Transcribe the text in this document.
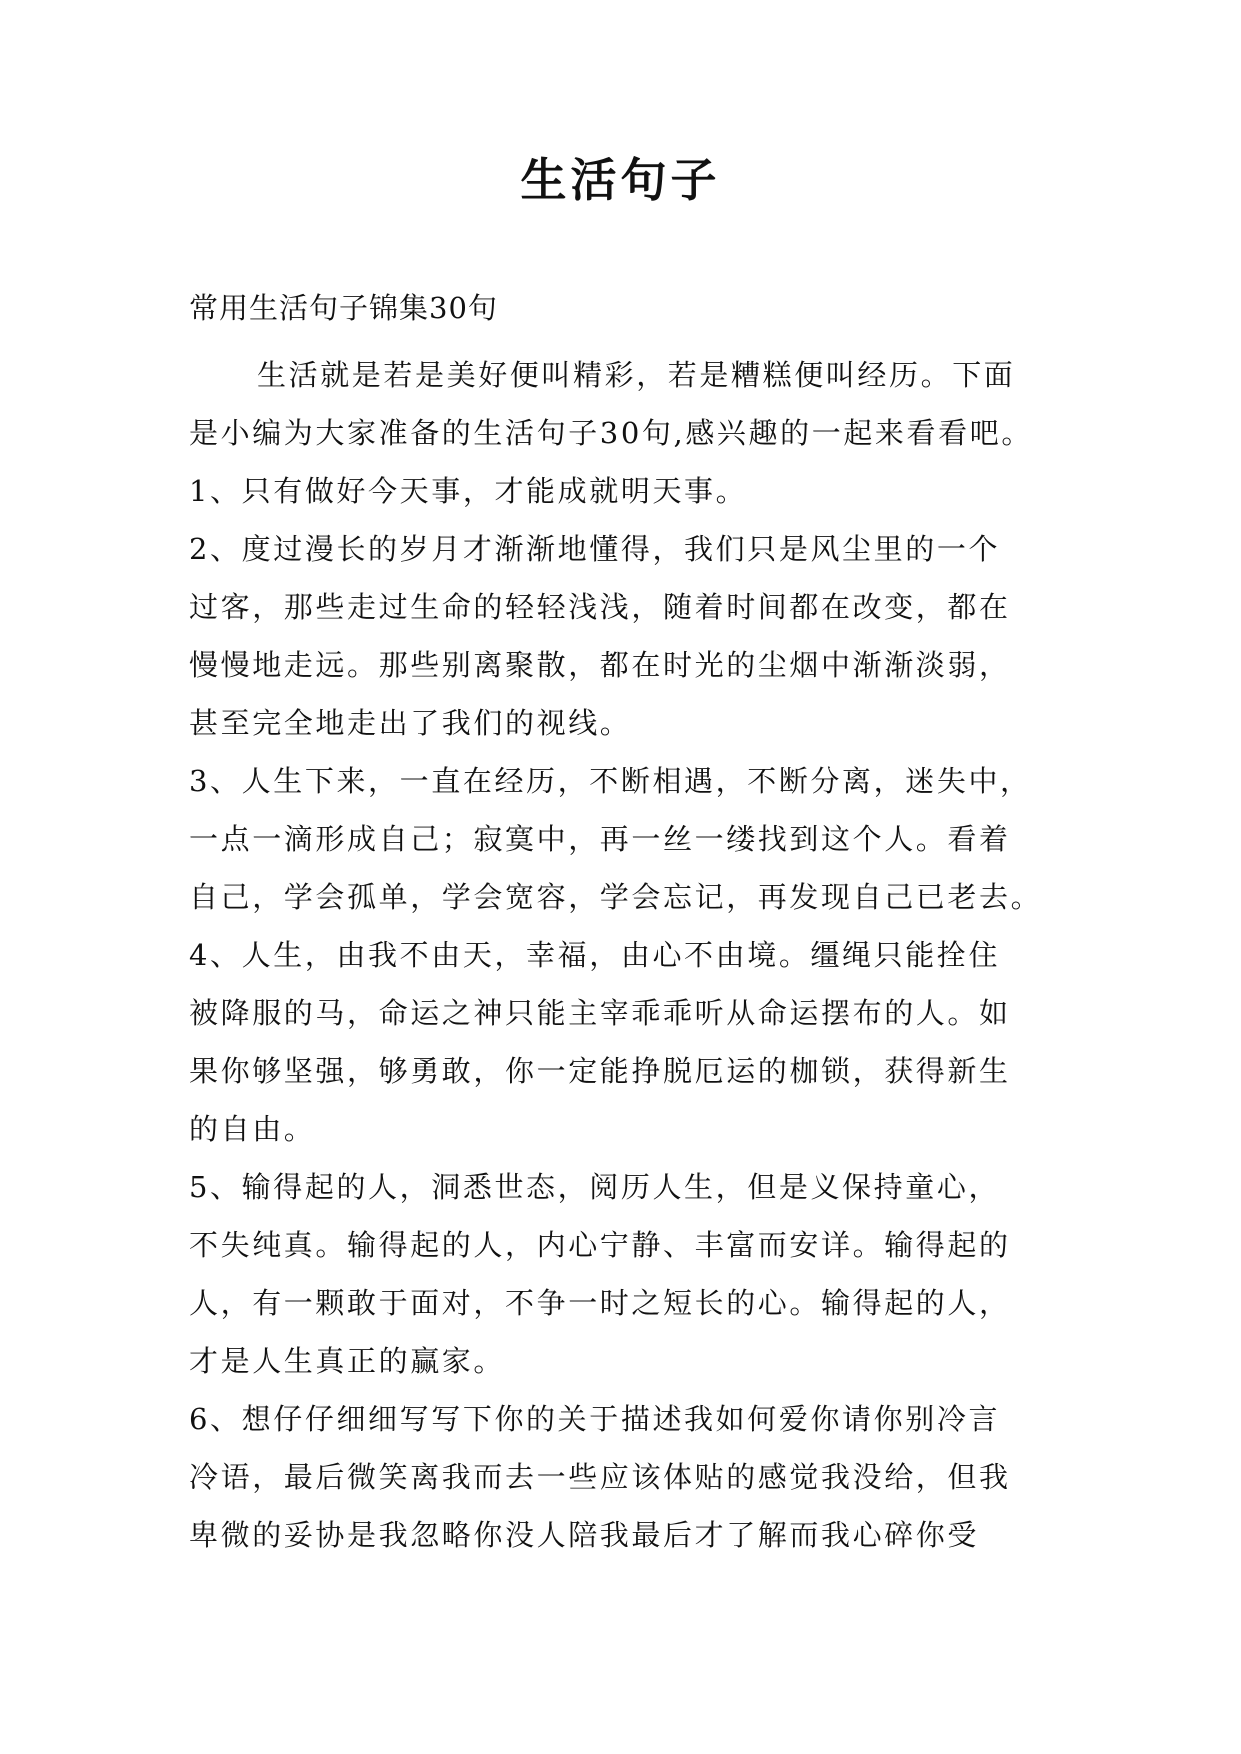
生活句子
常用生活句子锦集30句
生活就是若是美好便叫精彩，若是糟糕便叫经历。下面
是小编为大家准备的生活句子30句,感兴趣的一起来看看吧。
1、只有做好今天事，才能成就明天事。
2、度过漫长的岁月才渐渐地懂得，我们只是风尘里的一个
过客，那些走过生命的轻轻浅浅，随着时间都在改变，都在
慢慢地走远。那些别离聚散，都在时光的尘烟中渐渐淡弱，
甚至完全地走出了我们的视线。
3、人生下来，一直在经历，不断相遇，不断分离，迷失中，
一点一滴形成自己；寂寞中，再一丝一缕找到这个人。看着
自己，学会孤单，学会宽容，学会忘记，再发现自己已老去。
4、人生，由我不由天，幸福，由心不由境。缰绳只能拴住
被降服的马，命运之神只能主宰乖乖听从命运摆布的人。如
果你够坚强，够勇敢，你一定能挣脱厄运的枷锁，获得新生
的自由。
5、输得起的人，洞悉世态，阅历人生，但是义保持童心，
不失纯真。输得起的人，内心宁静、丰富而安详。输得起的
人，有一颗敢于面对，不争一时之短长的心。输得起的人，
才是人生真正的赢家。
6、想仔仔细细写写下你的关于描述我如何爱你请你别冷言
冷语，最后微笑离我而去一些应该体贴的感觉我没给，但我
卑微的妥协是我忽略你没人陪我最后才了解而我心碎你受
